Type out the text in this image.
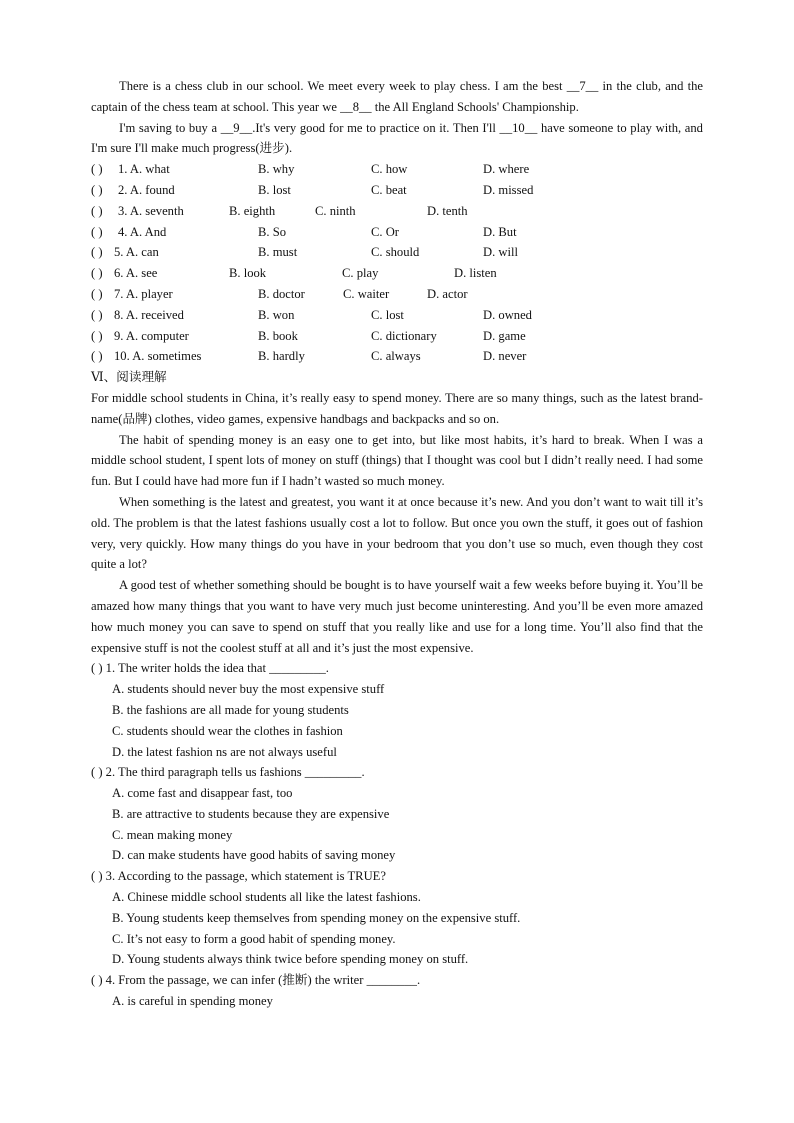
There is a chess club in our school. We meet every week to play chess. I am the best __7__ in the club, and the captain of the chess team at school. This year we __8__ the All England Schools' Championship.

I'm saving to buy a __9__.It's very good for me to practice on it. Then I'll __10__ have someone to play with, and I'm sure I'll make much progress(进步).

( ) 1. A. what	B. why	C. how	D. where
( ) 2. A. found	B. lost	C. beat	D. missed
( ) 3. A. seventh	B. eighth	C. ninth	D. tenth
( ) 4. A. And	B. So	C. Or	D. But
( ) 5. A. can	B. must	C. should	D. will
( ) 6. A. see	B. look	C. play	D. listen
( ) 7. A. player	B. doctor	C. waiter	D. actor
( ) 8. A. received	B. won	C. lost	D. owned
( ) 9. A. computer	B. book	C. dictionary	D. game
( ) 10. A. sometimes	B. hardly	C. always	D. never

Ⅵ、阅读理解

For middle school students in China, it’s really easy to spend money. There are so many things, such as the latest brand-name(品牌) clothes, video games, expensive handbags and backpacks and so on.

The habit of spending money is an easy one to get into, but like most habits, it’s hard to break. When I was a middle school student, I spent lots of money on stuff (things) that I thought was cool but I didn’t really need. I had some fun. But I could have had more fun if I hadn’t wasted so much money.

When something is the latest and greatest, you want it at once because it’s new. And you don’t want to wait till it’s old. The problem is that the latest fashions usually cost a lot to follow. But once you own the stuff, it goes out of fashion very, very quickly. How many things do you have in your bedroom that you don’t use so much, even though they cost quite a lot?

A good test of whether something should be bought is to have yourself wait a few weeks before buying it. You’ll be amazed how many things that you want to have very much just become uninteresting. And you’ll be even more amazed how much money you can save to spend on stuff that you really like and use for a long time. You’ll also find that the expensive stuff is not the coolest stuff at all and it’s just the most expensive.

( ) 1. The writer holds the idea that _________.
A. students should never buy the most expensive stuff
B. the fashions are all made for young students
C. students should wear the clothes in fashion
D. the latest fashion ns are not always useful
( ) 2. The third paragraph tells us fashions _________.
A. come fast and disappear fast, too
B. are attractive to students because they are expensive
C. mean making money
D. can make students have good habits of saving money
( ) 3. According to the passage, which statement is TRUE?
A. Chinese middle school students all like the latest fashions.
B. Young students keep themselves from spending money on the expensive stuff.
C. It’s not easy to form a good habit of spending money.
D. Young students always think twice before spending money on stuff.
( ) 4. From the passage, we can infer (推断) the writer ________.
A. is careful in spending money
